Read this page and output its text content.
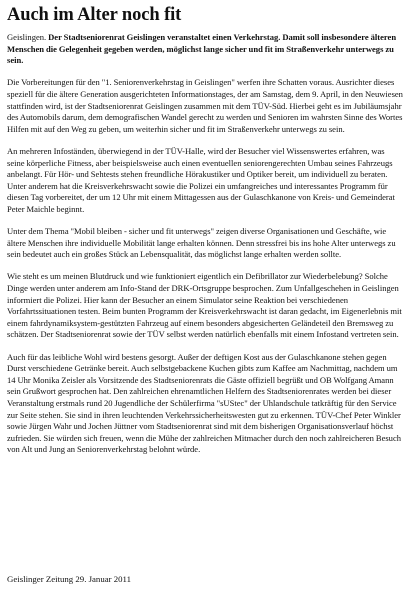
Auch im Alter noch fit

Geislingen. Der Stadtseniorenrat Geislingen veranstaltet einen Verkehrstag. Damit soll insbesondere älteren Menschen die Gelegenheit gegeben werden, möglichst lange sicher und fit im Straßenverkehr unterwegs zu sein.

Die Vorbereitungen für den "1. Seniorenverkehrstag in Geislingen" werfen ihre Schatten voraus. Ausrichter dieses speziell für die ältere Generation ausgerichteten Informationstages, der am Samstag, dem 9. April, in den Neuwiesen stattfinden wird, ist der Stadtseniorenrat Geislingen zusammen mit dem TÜV-Süd. Hierbei geht es im Jubiläumsjahr des Automobils darum, dem demografischen Wandel gerecht zu werden und Senioren im wahrsten Sinne des Wortes Hilfen mit auf den Weg zu geben, um weiterhin sicher und fit im Straßenverkehr unterwegs zu sein.

An mehreren Infoständen, überwiegend in der TÜV-Halle, wird der Besucher viel Wissenswertes erfahren, was seine körperliche Fitness, aber beispielsweise auch einen eventuellen seniorengerechten Umbau seines Fahrzeugs anbelangt. Für Hör- und Sehtests stehen freundliche Hörakustiker und Optiker bereit, um individuell zu beraten. Unter anderem hat die Kreisverkehrswacht sowie die Polizei ein umfangreiches und interessantes Programm für diesen Tag vorbereitet, der um 12 Uhr mit einem Mittagessen aus der Gulaschkanone von Kreis- und Gemeinderat Peter Maichle beginnt.

Unter dem Thema "Mobil bleiben - sicher und fit unterwegs" zeigen diverse Organisationen und Geschäfte, wie ältere Menschen ihre individuelle Mobilität lange erhalten können. Denn stressfrei bis ins hohe Alter unterwegs zu sein bedeutet auch ein großes Stück an Lebensqualität, das möglichst lange erhalten werden sollte.

Wie steht es um meinen Blutdruck und wie funktioniert eigentlich ein Defibrillator zur Wiederbelebung? Solche Dinge werden unter anderem am Info-Stand der DRK-Ortsgruppe besprochen. Zum Unfallgeschehen in Geislingen informiert die Polizei. Hier kann der Besucher an einem Simulator seine Reaktion bei verschiedenen Vorfahrtssituationen testen. Beim bunten Programm der Kreisverkehrswacht ist daran gedacht, im Eigenerlebnis mit einem fahrdynamiksystem-gestützten Fahrzeug auf einem besonders abgesicherten Geländeteil den Bremsweg zu schätzen. Der Stadtseniorenrat sowie der TÜV selbst werden natürlich ebenfalls mit einem Infostand vertreten sein.

Auch für das leibliche Wohl wird bestens gesorgt. Außer der deftigen Kost aus der Gulaschkanone stehen gegen Durst verschiedene Getränke bereit. Auch selbstgebackene Kuchen gibts zum Kaffee am Nachmittag, nachdem um 14 Uhr Monika Zeisler als Vorsitzende des Stadtseniorenrats die Gäste offiziell begrüßt und OB Wolfgang Amann sein Grußwort gesprochen hat. Den zahlreichen ehrenamtlichen Helfern des Stadtseniorenrates werden bei dieser Veranstaltung erstmals rund 20 Jugendliche der Schülerfirma "sUStec" der Uhlandschule tatkräftig für den Service zur Seite stehen. Sie sind in ihren leuchtenden Verkehrssicherheitswesten gut zu erkennen. TÜV-Chef Peter Winkler sowie Jürgen Wahr und Jochen Jüttner vom Stadtseniorenrat sind mit dem bisherigen Organisationsverlauf höchst zufrieden. Sie würden sich freuen, wenn die Mühe der zahlreichen Mitmacher durch den noch zahlreicheren Besuch von Alt und Jung an Seniorenverkehrstag belohnt würde.

Geislinger Zeitung 29. Januar 2011
